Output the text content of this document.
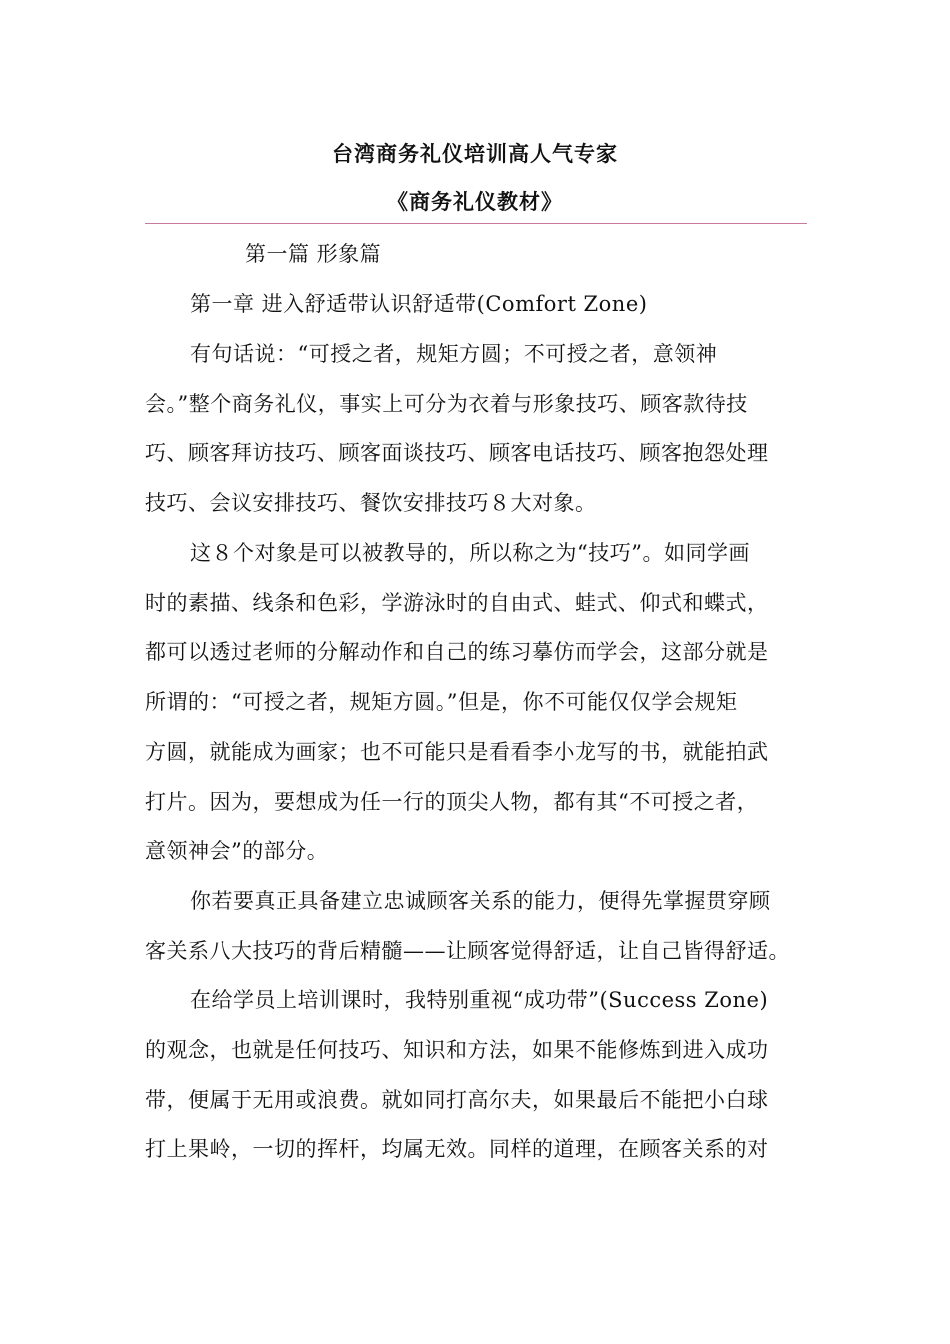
台湾商务礼仪培训高人气专家
《商务礼仪教材》
第一篇 形象篇
第一章 进入舒适带认识舒适带(Comfort Zone)
有句话说：“可授之者，规矩方圆；不可授之者，意领神
会。”整个商务礼仪，事实上可分为衣着与形象技巧、顾客款待技
巧、顾客拜访技巧、顾客面谈技巧、顾客电话技巧、顾客抱怨处理
技巧、会议安排技巧、餐饮安排技巧８大对象。
这８个对象是可以被教导的，所以称之为“技巧”。如同学画
时的素描、线条和色彩，学游泳时的自由式、蛙式、仰式和蝶式，
都可以透过老师的分解动作和自己的练习摹仿而学会，这部分就是
所谓的：“可授之者，规矩方圆。”但是，你不可能仅仅学会规矩
方圆，就能成为画家；也不可能只是看看李小龙写的书，就能拍武
打片。因为，要想成为任一行的顶尖人物，都有其“不可授之者，
意领神会”的部分。
你若要真正具备建立忠诚顾客关系的能力，便得先掌握贯穿顾
客关系八大技巧的背后精髓——让顾客觉得舒适，让自己皆得舒适。
在给学员上培训课时，我特别重视“成功带”(Success Zone)
的观念，也就是任何技巧、知识和方法，如果不能修炼到进入成功
带，便属于无用或浪费。就如同打高尔夫，如果最后不能把小白球
打上果岭，一切的挥杆，均属无效。同样的道理，在顾客关系的对
